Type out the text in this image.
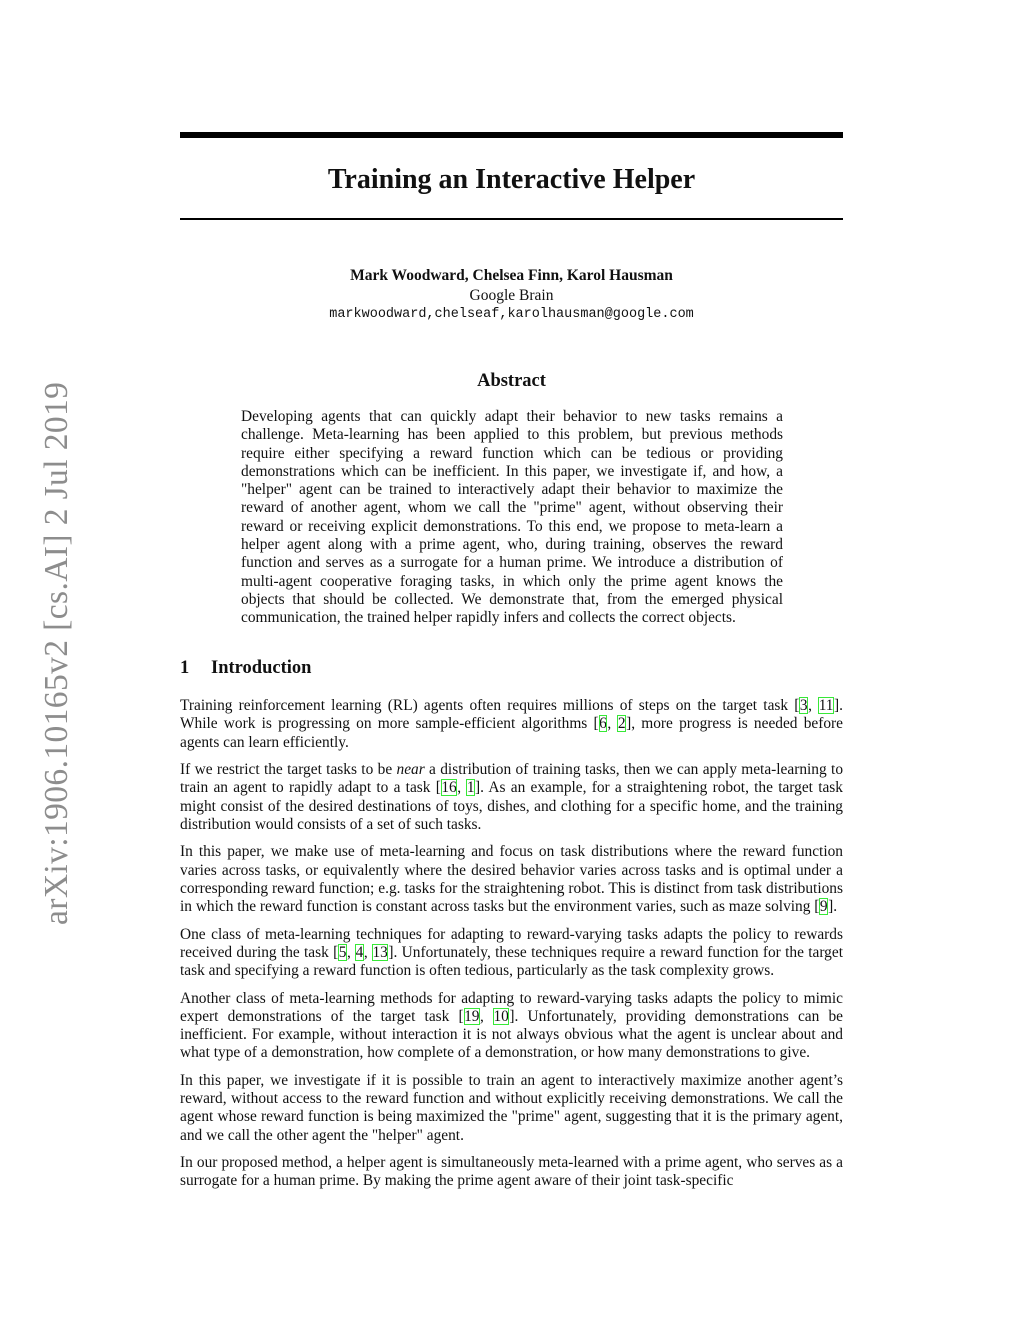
arXiv:1906.10165v2 [cs.AI] 2 Jul 2019
Training an Interactive Helper
Mark Woodward, Chelsea Finn, Karol Hausman
Google Brain
markwoodward,chelseaf,karolhausman@google.com
Abstract

Developing agents that can quickly adapt their behavior to new tasks remains a challenge. Meta-learning has been applied to this problem, but previous methods require either specifying a reward function which can be tedious or providing demonstrations which can be inefficient. In this paper, we investigate if, and how, a "helper" agent can be trained to interactively adapt their behavior to maximize the reward of another agent, whom we call the "prime" agent, without observing their reward or receiving explicit demonstrations. To this end, we propose to meta-learn a helper agent along with a prime agent, who, during training, observes the reward function and serves as a surrogate for a human prime. We introduce a distribution of multi-agent cooperative foraging tasks, in which only the prime agent knows the objects that should be collected. We demonstrate that, from the emerged physical communication, the trained helper rapidly infers and collects the correct objects.

1 Introduction

Training reinforcement learning (RL) agents often requires millions of steps on the target task [3, 11]. While work is progressing on more sample-efficient algorithms [6, 2], more progress is needed before agents can learn efficiently.

If we restrict the target tasks to be near a distribution of training tasks, then we can apply meta-learning to train an agent to rapidly adapt to a task [16, 1]. As an example, for a straightening robot, the target task might consist of the desired destinations of toys, dishes, and clothing for a specific home, and the training distribution would consists of a set of such tasks.

In this paper, we make use of meta-learning and focus on task distributions where the reward function varies across tasks, or equivalently where the desired behavior varies across tasks and is optimal under a corresponding reward function; e.g. tasks for the straightening robot. This is distinct from task distributions in which the reward function is constant across tasks but the environment varies, such as maze solving [9].

One class of meta-learning techniques for adapting to reward-varying tasks adapts the policy to rewards received during the task [5, 4, 13]. Unfortunately, these techniques require a reward function for the target task and specifying a reward function is often tedious, particularly as the task complexity grows.

Another class of meta-learning methods for adapting to reward-varying tasks adapts the policy to mimic expert demonstrations of the target task [19, 10]. Unfortunately, providing demonstrations can be inefficient. For example, without interaction it is not always obvious what the agent is unclear about and what type of a demonstration, how complete of a demonstration, or how many demonstrations to give.

In this paper, we investigate if it is possible to train an agent to interactively maximize another agent’s reward, without access to the reward function and without explicitly receiving demonstrations. We call the agent whose reward function is being maximized the "prime" agent, suggesting that it is the primary agent, and we call the other agent the "helper" agent.

In our proposed method, a helper agent is simultaneously meta-learned with a prime agent, who serves as a surrogate for a human prime. By making the prime agent aware of their joint task-specific
